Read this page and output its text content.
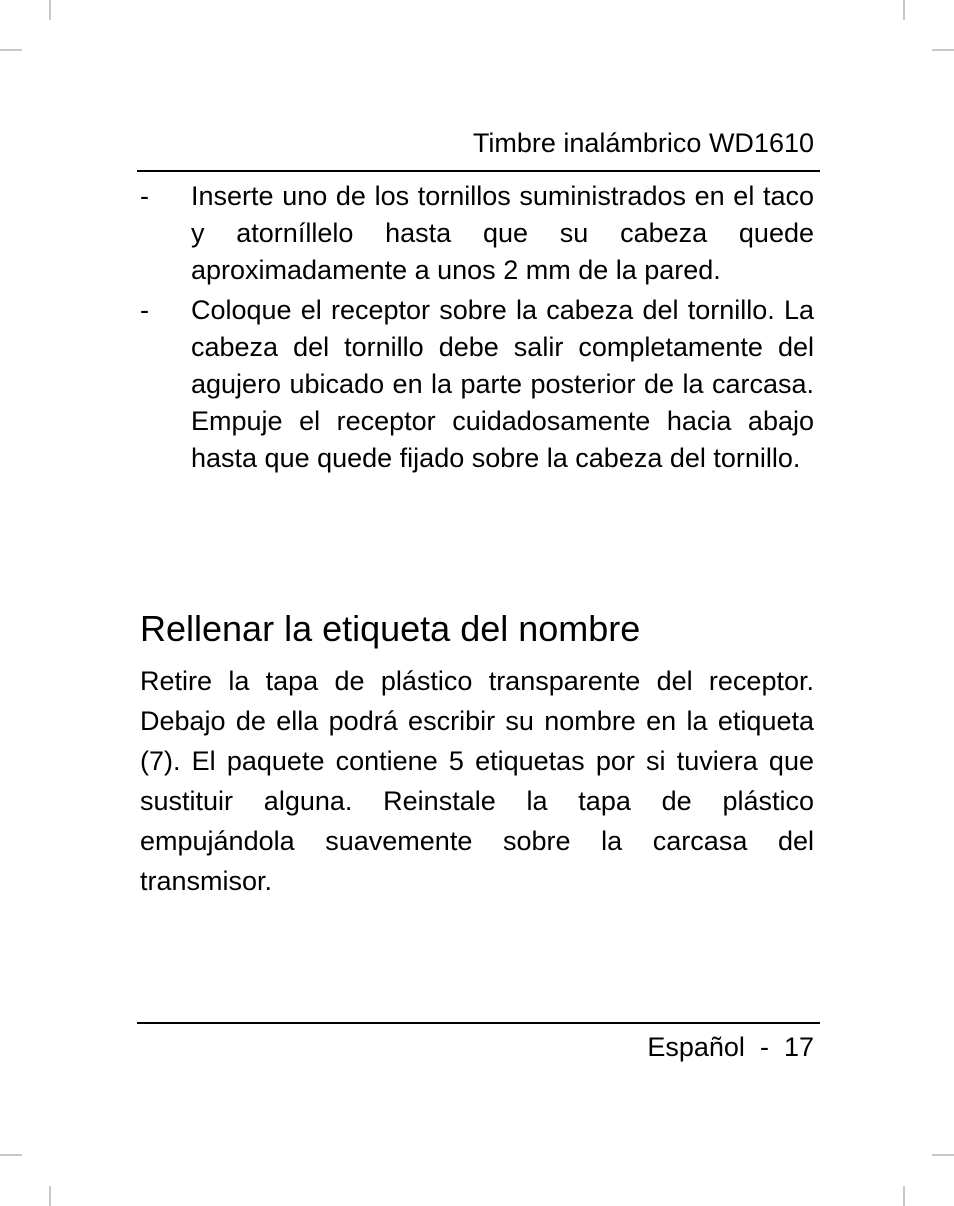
Timbre inalámbrico WD1610
-	Inserte uno de los tornillos suministrados en el taco y atorníllelo hasta que su cabeza quede aproximadamente a unos 2 mm de la pared.
-	Coloque el receptor sobre la cabeza del tornillo. La cabeza del tornillo debe salir completamente del agujero ubicado en la parte posterior de la carcasa. Empuje el receptor cuidadosamente hacia abajo hasta que quede fijado sobre la cabeza del tornillo.
Rellenar la etiqueta del nombre

Retire la tapa de plástico transparente del receptor. Debajo de ella podrá escribir su nombre en la etiqueta (7). El paquete contiene 5 etiquetas por si tuviera que sustituir alguna. Reinstale la tapa de plástico empujándola suavemente sobre la carcasa del transmisor.

Español - 17
